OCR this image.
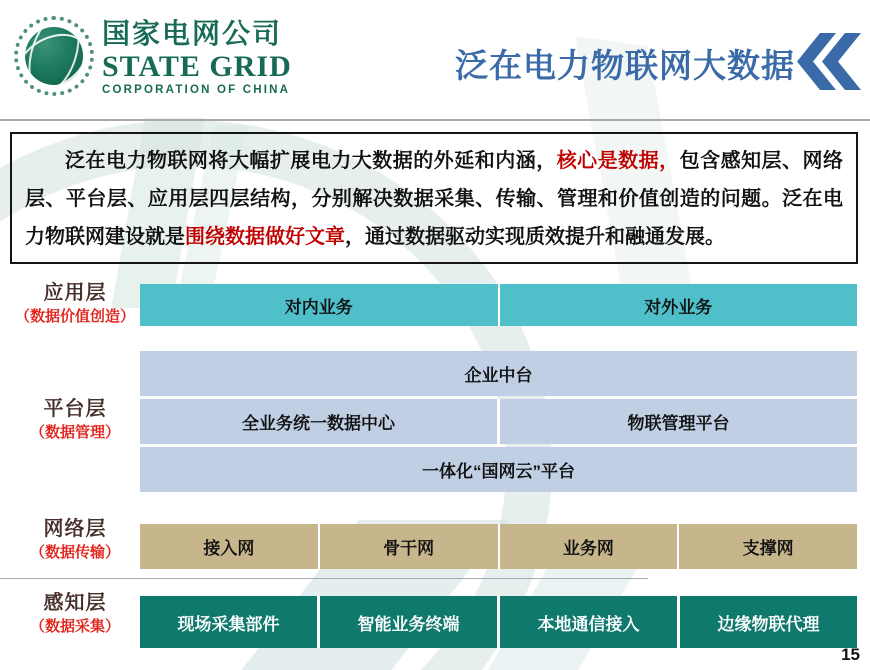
国家电网公司
STATE GRID
CORPORATION OF CHINA
泛在电力物联网大数据

泛在电力物联网将大幅扩展电力大数据的外延和内涵，核心是数据，包含感知层、网络层、平台层、应用层四层结构，分别解决数据采集、传输、管理和价值创造的问题。泛在电力物联网建设就是围绕数据做好文章，通过数据驱动实现质效提升和融通发展。

应用层
（数据价值创造）	对内业务	对外业务
平台层
（数据管理）
企业中台
全业务统一数据中心	物联管理平台
一体化“国网云”平台
网络层
（数据传输）	接入网	骨干网	业务网	支撑网
感知层
（数据采集）	现场采集部件	智能业务终端	本地通信接入	边缘物联代理
15
